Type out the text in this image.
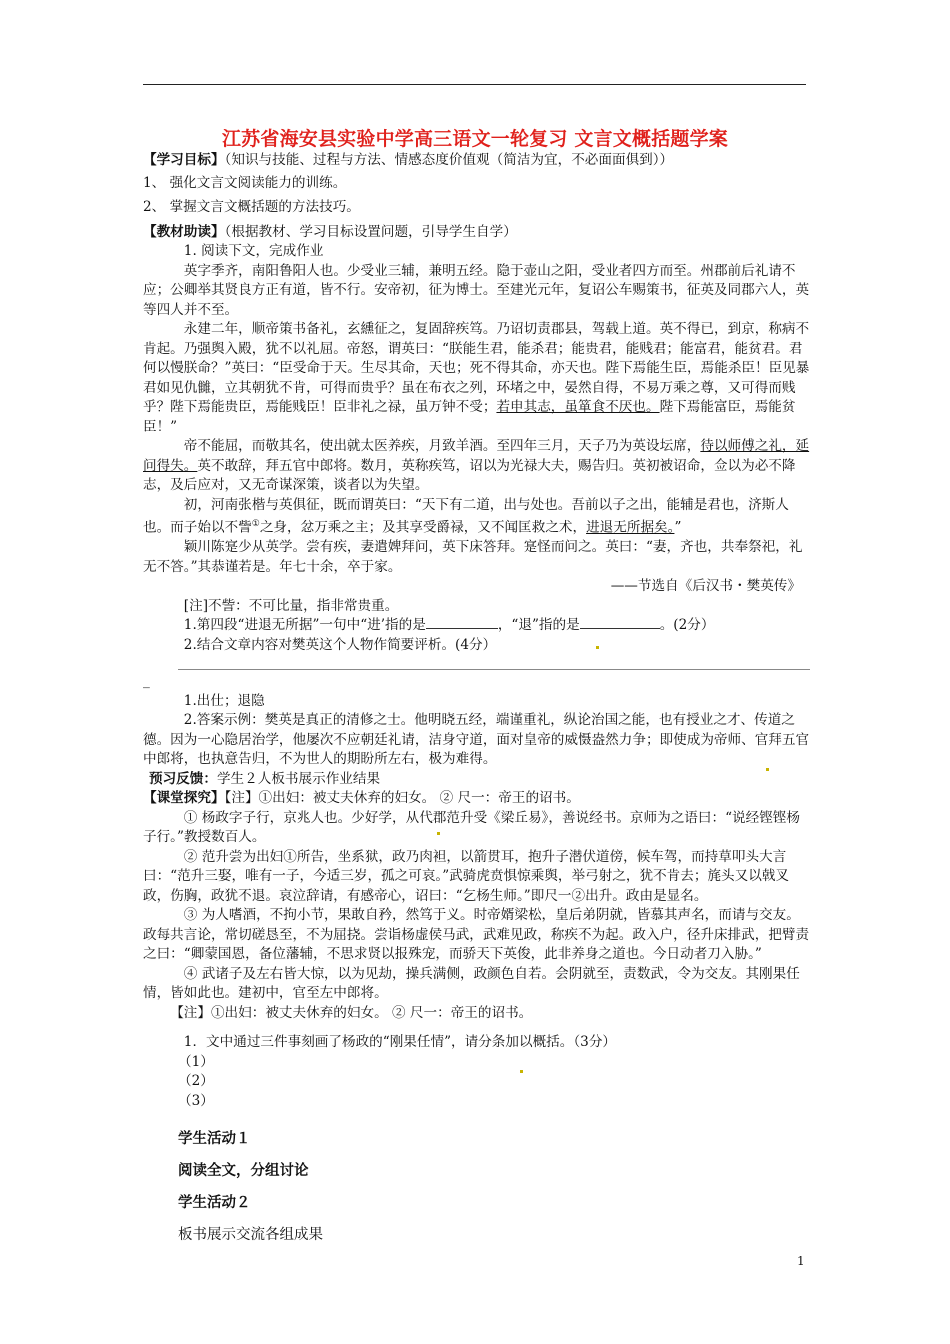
江苏省海安县实验中学高三语文一轮复习 文言文概括题学案

【学习目标】（知识与技能、过程与方法、情感态度价值观（简洁为宜，不必面面俱到））

1、 强化文言文阅读能力的训练。

2、 掌握文言文概括题的方法技巧。

【教材助读】（根据教材、学习目标设置问题，引导学生自学）

1. 阅读下文，完成作业

英字季齐，南阳鲁阳人也。少受业三辅，兼明五经。隐于壶山之阳，受业者四方而至。州郡前后礼请不应；公卿举其贤良方正有道，皆不行。安帝初，征为博士。至建光元年，复诏公车赐策书，征英及同郡六人，英等四人并不至。

永建二年，顺帝策书备礼，玄纁征之，复固辞疾笃。乃诏切责郡县，驾载上道。英不得已，到京，称病不肯起。乃强舆入殿，犹不以礼屈。帝怒，谓英曰：“朕能生君，能杀君；能贵君，能贱君；能富君，能贫君。君何以慢朕命？”英曰：“臣受命于天。生尽其命，天也；死不得其命，亦天也。陛下焉能生臣，焉能杀臣！臣见暴君如见仇雠，立其朝犹不肯，可得而贵乎？虽在布衣之列，环堵之中，晏然自得，不易万乘之尊，又可得而贱乎？陛下焉能贵臣，焉能贱臣！臣非礼之禄，虽万钟不受；若申其志，虽箪食不厌也。陛下焉能富臣，焉能贫臣！”

帝不能屈，而敬其名，使出就太医养疾，月致羊酒。至四年三月，天子乃为英设坛席，待以师傅之礼，延问得失。英不敢辞，拜五官中郎将。数月，英称疾笃，诏以为光禄大夫，赐告归。英初被诏命，佥以为必不降志，及后应对，又无奇谋深策，谈者以为失望。

初，河南张楷与英俱征，既而谓英曰：“天下有二道，出与处也。吾前以子之出，能辅是君也，济斯人也。而子始以不訾①之身，忿万乘之主；及其享受爵禄，又不闻匡救之术，进退无所据矣。”

颖川陈寔少从英学。尝有疾，妻遣婢拜问，英下床答拜。寔怪而问之。英曰：“妻，齐也，共奉祭祀，礼无不答。”其恭谨若是。年七十余，卒于家。

——节选自《后汉书・樊英传》

[注]不訾：不可比量，指非常贵重。

1.第四段“进退无所据”一句中“进’指的是	，“退”指的是	。(2分）

2.结合文章内容对樊英这个人物作简要评析。(4分）

_

1.出仕；退隐

2.答案示例：樊英是真正的清修之士。他明晓五经，端谨重礼，纵论治国之能，也有授业之才、传道之德。因为一心隐居治学，他屡次不应朝廷礼请，洁身守道，面对皇帝的威慑盎然力争；即使成为帝师、官拜五官中郎将，也执意告归，不为世人的期盼所左右，极为难得。

预习反馈：学生２人板书展示作业结果

【课堂探究】【注】①出妇：被丈夫休弃的妇女。 ② 尺一：帝王的诏书。

① 杨政字子行，京兆人也。少好学，从代郡范升受《梁丘易》，善说经书。京师为之语曰：“说经铿铿杨子行。”教授数百人。

② 范升尝为出妇①所告，坐系狱，政乃肉袒，以箭贯耳，抱升子潜伏道傍，候车驾，而持草叩头大言曰：“范升三娶，唯有一子，今适三岁，孤之可哀。”武骑虎贲惧惊乘舆，举弓射之，犹不肯去；旄头又以戟叉政，伤胸，政犹不退。哀泣辞请，有感帝心，诏曰：“乞杨生师。”即尺一②出升。政由是显名。

③ 为人嗜酒，不拘小节，果敢自矜，然笃于义。时帝婿梁松，皇后弟阴就，皆慕其声名，而请与交友。政每共言论，常切磋恳至，不为屈挠。尝诣杨虚侯马武，武难见政，称疾不为起。政入户，径升床排武，把臂责之曰：“卿蒙国恩，备位藩辅，不思求贤以报殊宠，而骄天下英俊，此非养身之道也。今日动者刀入胁。”

④ 武诸子及左右皆大惊，以为见劫，操兵满侧，政颜色自若。会阴就至，责数武，令为交友。其刚果任情，皆如此也。建初中，官至左中郎将。

【注】①出妇：被丈夫休弃的妇女。 ② 尺一：帝王的诏书。

1．文中通过三件事刻画了杨政的“刚果任情”，请分条加以概括。（3分）

（1）

（2）

（3）

学生活动１

阅读全文，分组讨论

学生活动２

板书展示交流各组成果

1
